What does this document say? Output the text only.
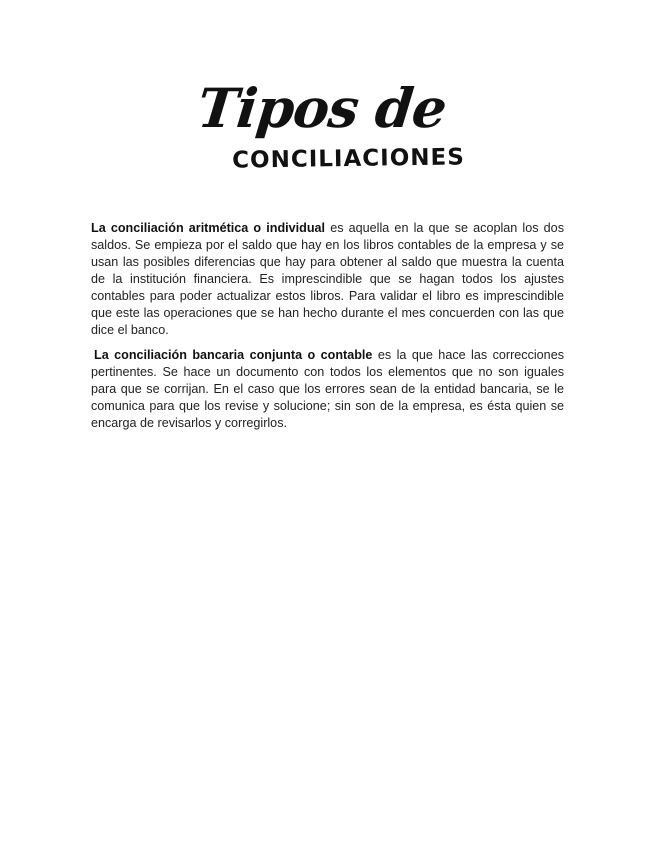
Tipos de
CONCILIACIONES

La conciliación aritmética o individual es aquella en la que se acoplan los dos saldos. Se empieza por el saldo que hay en los libros contables de la empresa y se usan las posibles diferencias que hay para obtener al saldo que muestra la cuenta de la institución financiera. Es imprescindible que se hagan todos los ajustes contables para poder actualizar estos libros. Para validar el libro es imprescindible que este las operaciones que se han hecho durante el mes concuerden con las que dice el banco.

La conciliación bancaria conjunta o contable es la que hace las correcciones pertinentes. Se hace un documento con todos los elementos que no son iguales para que se corrijan. En el caso que los errores sean de la entidad bancaria, se le comunica para que los revise y solucione; sin son de la empresa, es ésta quien se encarga de revisarlos y corregirlos.
